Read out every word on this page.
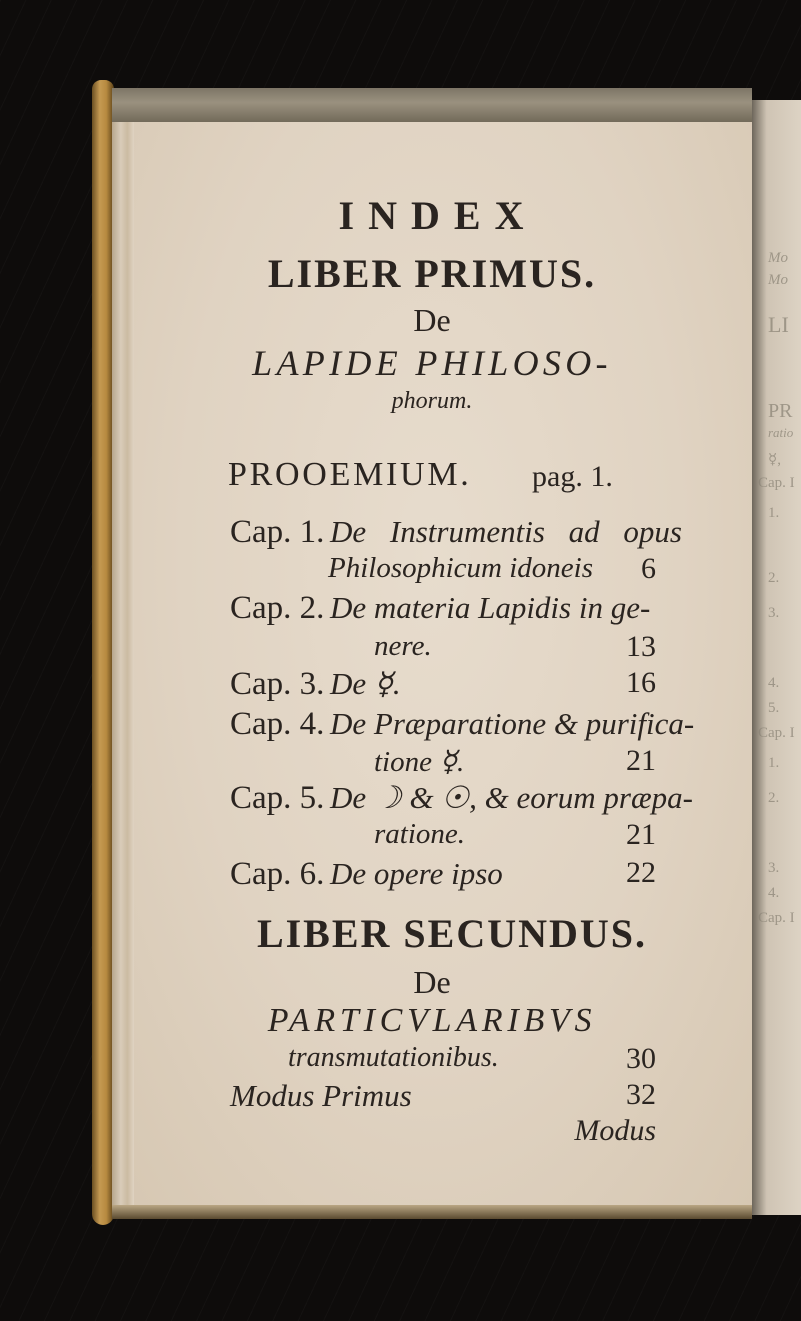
Mo
Mo
LI
PR
ratio
☿,
Cap. I
1.
2.
3.
4.
5.
Cap. I
1.
2.
3.
4.
Cap. I
I N D E X
LIBER PRIMUS.
De
LAPIDE PHILOSO-
phorum.
PROOEMIUM. pag. 1.
Cap. 1. De Instrumentis ad opus
Philosophicum idoneis 6
Cap. 2. De materia Lapidis in ge-
nere.	13
Cap. 3. De ☿.	16
Cap. 4. De Præparatione & purifica-
tione ☿.	21
Cap. 5. De ☽ & ☉, & eorum præpa-
ratione.	21
Cap. 6. De opere ipso	22
LIBER SECUNDUS.
De
PARTICVLARIBVS
transmutationibus.	30
Modus Primus	32
Modus
